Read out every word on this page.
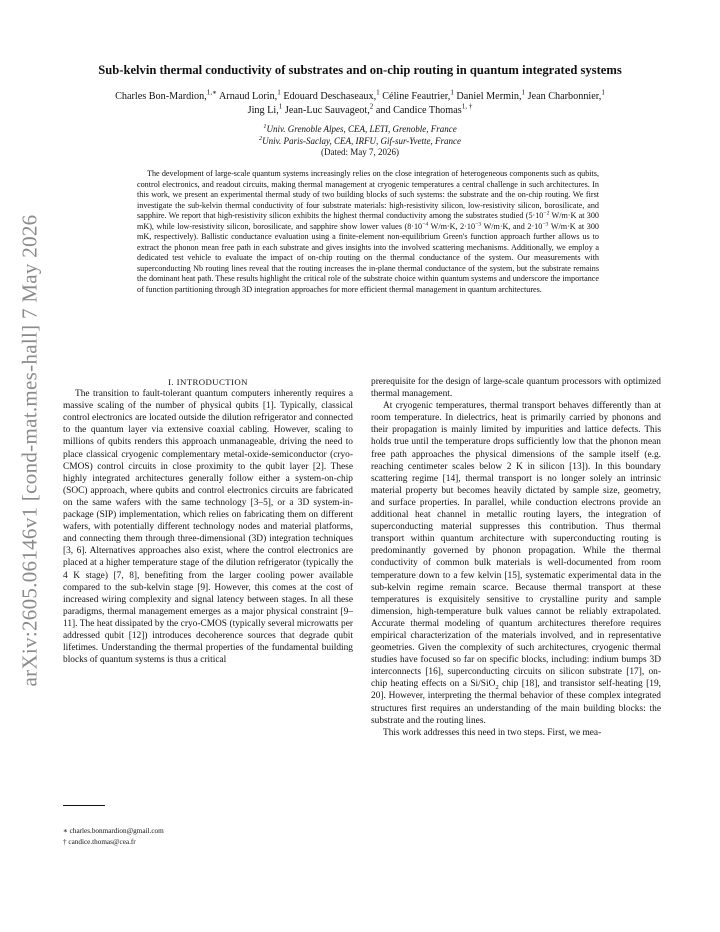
arXiv:2605.06146v1 [cond-mat.mes-hall] 7 May 2026
Sub-kelvin thermal conductivity of substrates and on-chip routing in quantum integrated systems
Charles Bon-Mardion,$^{1,∗}$ Arnaud Lorin,$^1$ Edouard Deschaseaux,$^1$ Céline Feautrier,$^1$ Daniel Mermin,$^1$ Jean Charbonnier,$^1$ Jing Li,$^1$ Jean-Luc Sauvageot,$^2$ and Candice Thomas$^{1, \dagger}$
$^1$Univ. Grenoble Alpes, CEA, LETI, Grenoble, France
$^2$Univ. Paris-Saclay, CEA, IRFU, Gif-sur-Yvette, France
(Dated: May 7, 2026)
The development of large-scale quantum systems increasingly relies on the close integration of heterogeneous components such as qubits, control electronics, and readout circuits, making thermal management at cryogenic temperatures a central challenge in such architectures. In this work, we present an experimental thermal study of two building blocks of such systems: the substrate and the on-chip routing. We first investigate the sub-kelvin thermal conductivity of four substrate materials: high-resistivity silicon, low-resistivity silicon, borosilicate, and sapphire. We report that high-resistivity silicon exhibits the highest thermal conductivity among the substrates studied ($5\cdot 10^{-2}$ W/m·K at 300 mK), while low-resistivity silicon, borosilicate, and sapphire show lower values ($8\cdot 10^{-4}$ W/m·K, $2\cdot 10^{-3}$ W/m·K, and $2\cdot 10^{-3}$ W/m·K at 300 mK, respectively). Ballistic conductance evaluation using a finite-element non-equilibrium Green's function approach further allows us to extract the phonon mean free path in each substrate and gives insights into the involved scattering mechanisms. Additionally, we employ a dedicated test vehicle to evaluate the impact of on-chip routing on the thermal conductance of the system. Our measurements with superconducting Nb routing lines reveal that the routing increases the in-plane thermal conductance of the system, but the substrate remains the dominant heat path. These results highlight the critical role of the substrate choice within quantum systems and underscore the importance of function partitioning through 3D integration approaches for more efficient thermal management in quantum architectures.

I. INTRODUCTION

The transition to fault-tolerant quantum computers inherently requires a massive scaling of the number of physical qubits [1]. Typically, classical control electronics are located outside the dilution refrigerator and connected to the quantum layer via extensive coaxial cabling. However, scaling to millions of qubits renders this approach unmanageable, driving the need to place classical cryogenic complementary metal-oxide-semiconductor (cryo-CMOS) control circuits in close proximity to the qubit layer [2]. These highly integrated architectures generally follow either a system-on-chip (SOC) approach, where qubits and control electronics circuits are fabricated on the same wafers with the same technology [3–5], or a 3D system-in-package (SIP) implementation, which relies on fabricating them on different wafers, with potentially different technology nodes and material platforms, and connecting them through three-dimensional (3D) integration techniques [3, 6]. Alternatives approaches also exist, where the control electronics are placed at a higher temperature stage of the dilution refrigerator (typically the 4 K stage) [7, 8], benefiting from the larger cooling power available compared to the sub-kelvin stage [9]. However, this comes at the cost of increased wiring complexity and signal latency between stages. In all these paradigms, thermal management emerges as a major physical constraint [9–11]. The heat dissipated by the cryo-CMOS (typically several microwatts per addressed qubit [12]) introduces decoherence sources that degrade qubit lifetimes. Understanding the thermal properties of the fundamental building blocks of quantum systems is thus a critical

prerequisite for the design of large-scale quantum processors with optimized thermal management.

At cryogenic temperatures, thermal transport behaves differently than at room temperature. In dielectrics, heat is primarily carried by phonons and their propagation is mainly limited by impurities and lattice defects. This holds true until the temperature drops sufficiently low that the phonon mean free path approaches the physical dimensions of the sample itself (e.g. reaching centimeter scales below 2 K in silicon [13]). In this boundary scattering regime [14], thermal transport is no longer solely an intrinsic material property but becomes heavily dictated by sample size, geometry, and surface properties. In parallel, while conduction electrons provide an additional heat channel in metallic routing layers, the integration of superconducting material suppresses this contribution. Thus thermal transport within quantum architecture with superconducting routing is predominantly governed by phonon propagation. While the thermal conductivity of common bulk materials is well-documented from room temperature down to a few kelvin [15], systematic experimental data in the sub-kelvin regime remain scarce. Because thermal transport at these temperatures is exquisitely sensitive to crystalline purity and sample dimension, high-temperature bulk values cannot be reliably extrapolated. Accurate thermal modeling of quantum architectures therefore requires empirical characterization of the materials involved, and in representative geometries. Given the complexity of such architectures, cryogenic thermal studies have focused so far on specific blocks, including: indium bumps 3D interconnects [16], superconducting circuits on silicon substrate [17], on-chip heating effects on a Si/SiO$_2$ chip [18], and transistor self-heating [19, 20]. However, interpreting the thermal behavior of these complex integrated structures first requires an understanding of the main building blocks: the substrate and the routing lines.

This work addresses this need in two steps. First, we mea-

∗ charles.bonmardion@gmail.com
† candice.thomas@cea.fr
